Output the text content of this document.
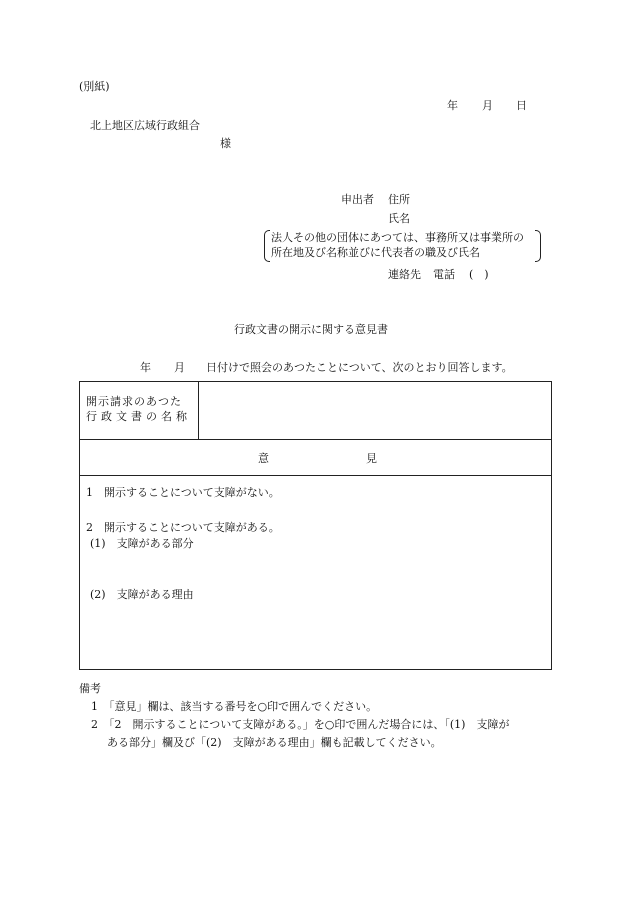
(別紙)
年 月 日
北上地区広域行政組合
様
申出者 住所
氏名
法人その他の団体にあつては、事務所又は事業所の
所在地及び名称並びに代表者の職及び氏名
連絡先 電話 (　)
行政文書の開示に関する意見書
年 月 日付けで照会のあつたことについて、次のとおり回答します。
開示請求のあつた
行政文書の名称
意	見
1　開示することについて支障がない。
2　開示することについて支障がある。
(1)　支障がある部分
(2)　支障がある理由
備考
1　「意見」欄は、該当する番号を○印で囲んでください。
2　「2　開示することについて支障がある。」を○印で囲んだ場合には、「(1)　支障が
ある部分」欄及び「(2)　支障がある理由」欄も記載してください。
